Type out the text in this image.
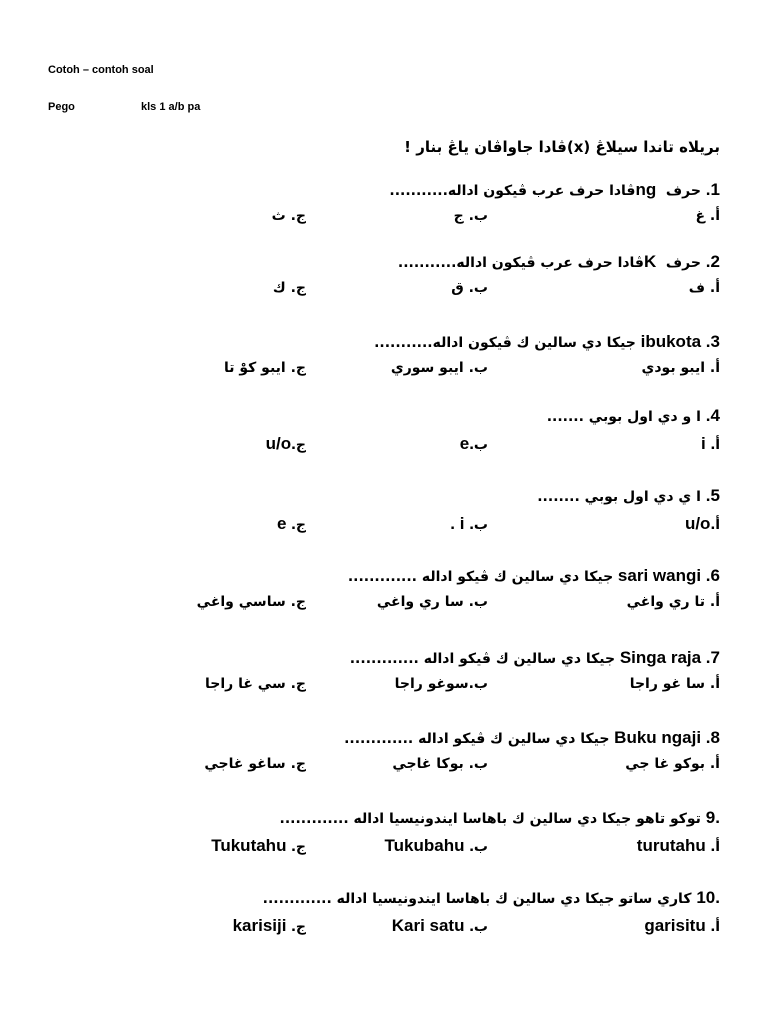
Cotoh – contoh soal
Pego	kls 1 a/b pa
بريلاه تاندا سيلاڠ (x)ڤادا جاواڤان ياڠ بنار !
1. حرف ng ڤادا حرف عرب ڤيكون اداله...........
أ. غ
ب. ج
ج. ث
2. حرف K ڤادا حرف عرب ڤيكون اداله...........
أ. ف
ب. ق
ج. ك
3. ibukota جيكا دي سالين ك ڤيكون اداله...........
أ. ايبو بودي
ب. ايبو سوري
ج. ايبو كوْ تا
4. ا و دي اول بوبي .......
أ. i
ب.e
ج.u/o
5. ا ي دي اول بوبي ........
أ.u/o
ب. i .
ج. e
6. sari wangi جيكا دي سالين ك ڤيكو اداله .............
أ. تا ري واغي
ب. سا ري واغي
ج. ساسي واغي
7. Singa raja جيكا دي سالين ك ڤيكو اداله .............
أ. سا غو راجا
ب.سوغو راجا
ج. سي غا راجا
8. Buku ngaji جيكا دي سالين ك ڤيكو اداله .............
أ. بوكو غا جي
ب. بوكا غاجي
ج. ساغو غاجي
.9 توكو تاهو جيكا دي سالين ك باهاسا ايندونيسيا اداله .............
أ. turutahu
ب. Tukubahu
ج. Tukutahu
.10 كاري ساتو جيكا دي سالين ك باهاسا ايندونيسيا اداله .............
أ. garisitu
ب. Kari satu
ج. karisiji
